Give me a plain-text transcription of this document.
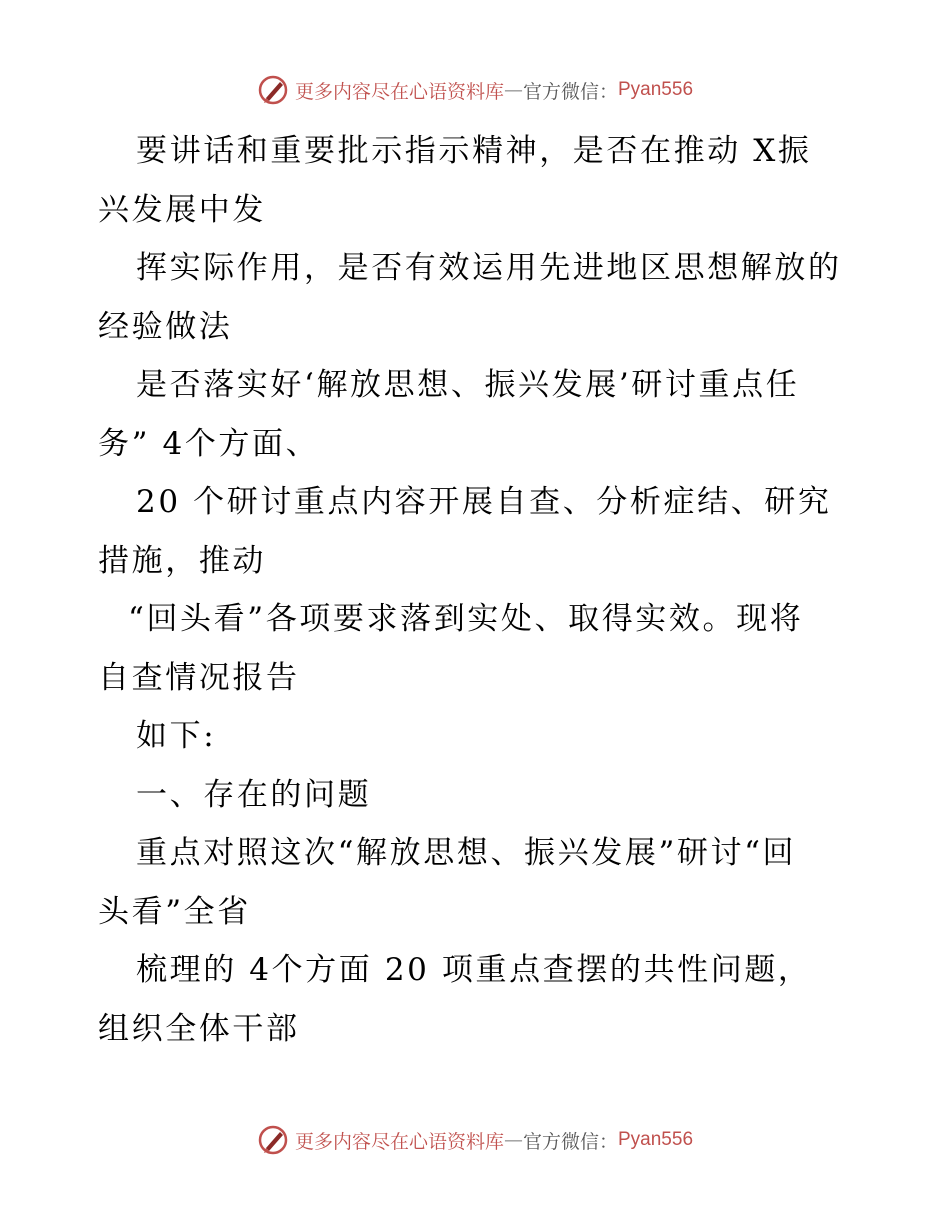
更多内容尽在心语资料库 — 官方微信： Pyan556
要讲话和重要批示指示精神，是否在推动 X振
兴发展中发
挥实际作用，是否有效运用先进地区思想解放的
经验做法
是否落实好‘解放思想、振兴发展’研讨重点任
务” 4个方面、
20 个研讨重点内容开展自查、分析症结、研究
措施，推动
“回头看”各项要求落到实处、取得实效。现将
自查情况报告
如下:
一、存在的问题
重点对照这次“解放思想、振兴发展”研讨“回
头看”全省
梳理的 4个方面 20 项重点查摆的共性问题，
组织全体干部
更多内容尽在心语资料库 — 官方微信： Pyan556
